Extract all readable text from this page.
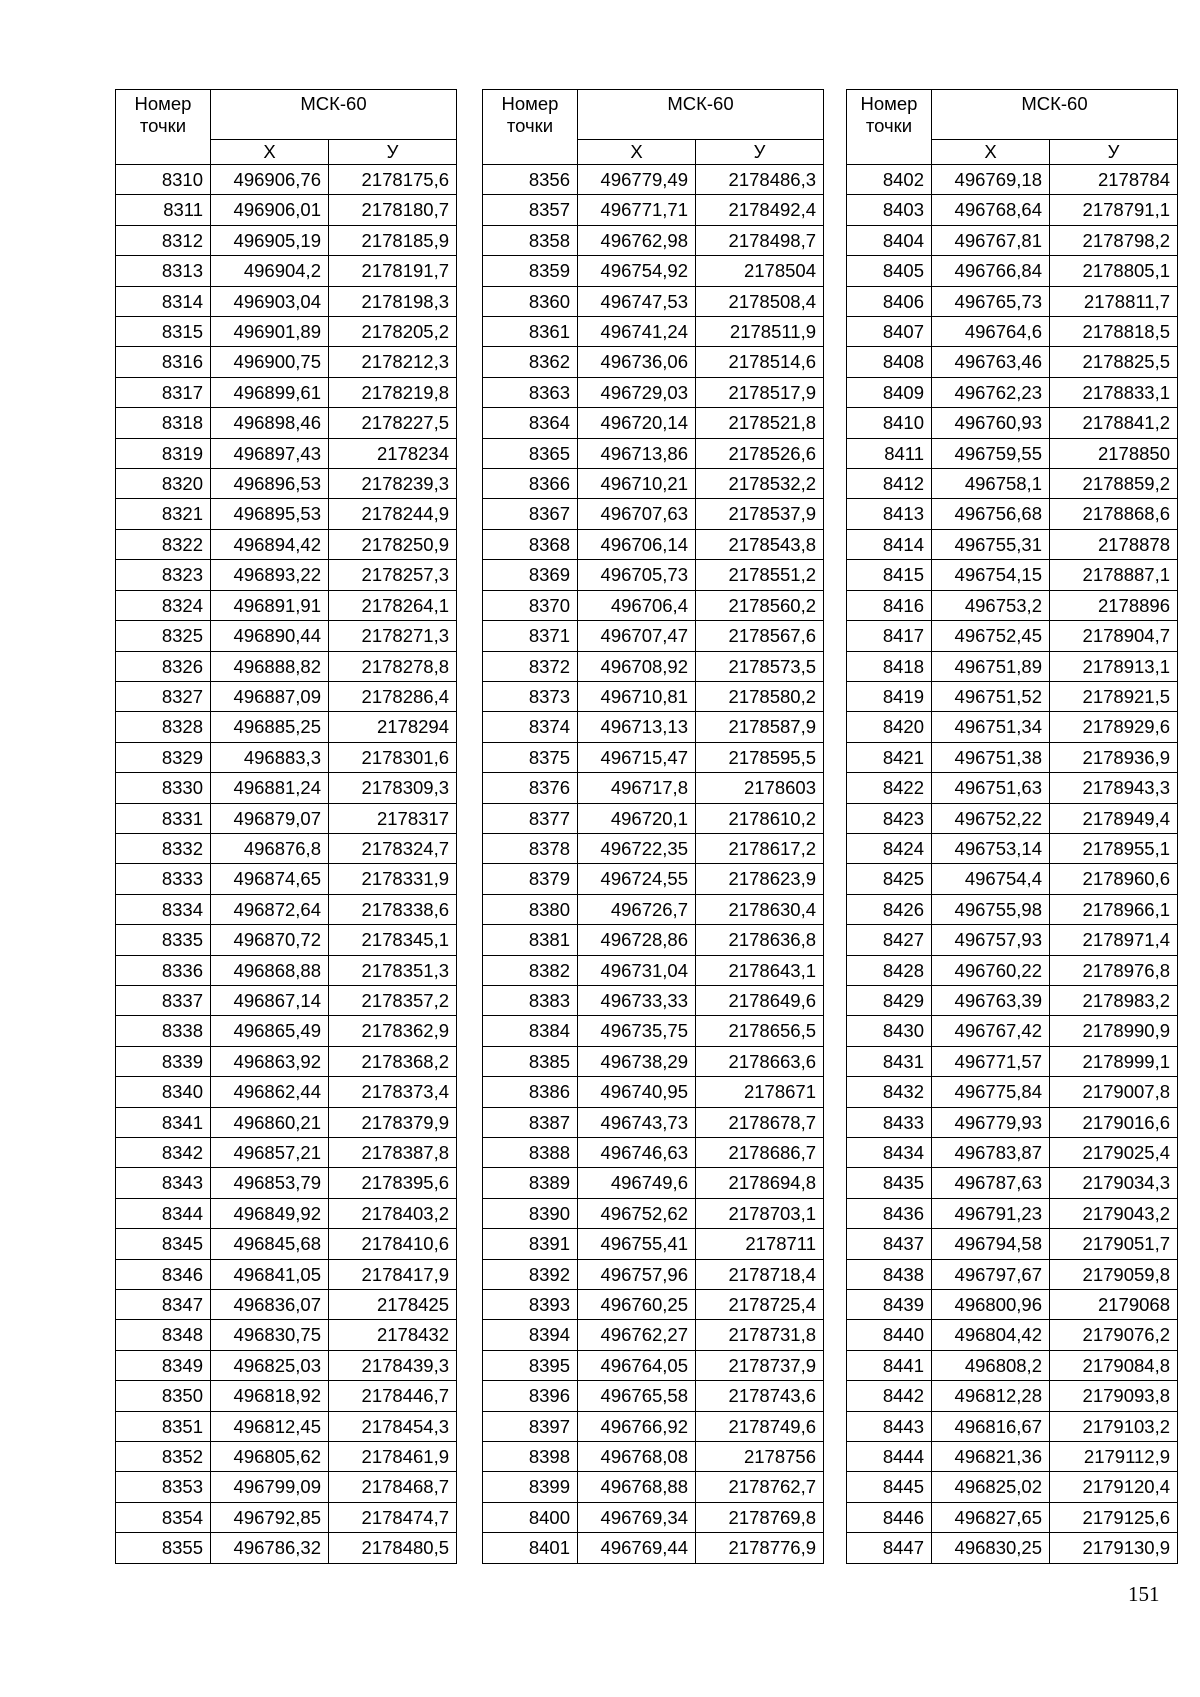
Номер
точки	МСК-60	
	Х	У
8310	496906,76	2178175,6
8311	496906,01	2178180,7
8312	496905,19	2178185,9
8313	496904,2	2178191,7
8314	496903,04	2178198,3
8315	496901,89	2178205,2
8316	496900,75	2178212,3
8317	496899,61	2178219,8
8318	496898,46	2178227,5
8319	496897,43	2178234
8320	496896,53	2178239,3
8321	496895,53	2178244,9
8322	496894,42	2178250,9
8323	496893,22	2178257,3
8324	496891,91	2178264,1
8325	496890,44	2178271,3
8326	496888,82	2178278,8
8327	496887,09	2178286,4
8328	496885,25	2178294
8329	496883,3	2178301,6
8330	496881,24	2178309,3
8331	496879,07	2178317
8332	496876,8	2178324,7
8333	496874,65	2178331,9
8334	496872,64	2178338,6
8335	496870,72	2178345,1
8336	496868,88	2178351,3
8337	496867,14	2178357,2
8338	496865,49	2178362,9
8339	496863,92	2178368,2
8340	496862,44	2178373,4
8341	496860,21	2178379,9
8342	496857,21	2178387,8
8343	496853,79	2178395,6
8344	496849,92	2178403,2
8345	496845,68	2178410,6
8346	496841,05	2178417,9
8347	496836,07	2178425
8348	496830,75	2178432
8349	496825,03	2178439,3
8350	496818,92	2178446,7
8351	496812,45	2178454,3
8352	496805,62	2178461,9
8353	496799,09	2178468,7
8354	496792,85	2178474,7
8355	496786,32	2178480,5
Номер
точки	МСК-60	
	Х	У
8356	496779,49	2178486,3
8357	496771,71	2178492,4
8358	496762,98	2178498,7
8359	496754,92	2178504
8360	496747,53	2178508,4
8361	496741,24	2178511,9
8362	496736,06	2178514,6
8363	496729,03	2178517,9
8364	496720,14	2178521,8
8365	496713,86	2178526,6
8366	496710,21	2178532,2
8367	496707,63	2178537,9
8368	496706,14	2178543,8
8369	496705,73	2178551,2
8370	496706,4	2178560,2
8371	496707,47	2178567,6
8372	496708,92	2178573,5
8373	496710,81	2178580,2
8374	496713,13	2178587,9
8375	496715,47	2178595,5
8376	496717,8	2178603
8377	496720,1	2178610,2
8378	496722,35	2178617,2
8379	496724,55	2178623,9
8380	496726,7	2178630,4
8381	496728,86	2178636,8
8382	496731,04	2178643,1
8383	496733,33	2178649,6
8384	496735,75	2178656,5
8385	496738,29	2178663,6
8386	496740,95	2178671
8387	496743,73	2178678,7
8388	496746,63	2178686,7
8389	496749,6	2178694,8
8390	496752,62	2178703,1
8391	496755,41	2178711
8392	496757,96	2178718,4
8393	496760,25	2178725,4
8394	496762,27	2178731,8
8395	496764,05	2178737,9
8396	496765,58	2178743,6
8397	496766,92	2178749,6
8398	496768,08	2178756
8399	496768,88	2178762,7
8400	496769,34	2178769,8
8401	496769,44	2178776,9
Номер
точки	МСК-60	
	Х	У
8402	496769,18	2178784
8403	496768,64	2178791,1
8404	496767,81	2178798,2
8405	496766,84	2178805,1
8406	496765,73	2178811,7
8407	496764,6	2178818,5
8408	496763,46	2178825,5
8409	496762,23	2178833,1
8410	496760,93	2178841,2
8411	496759,55	2178850
8412	496758,1	2178859,2
8413	496756,68	2178868,6
8414	496755,31	2178878
8415	496754,15	2178887,1
8416	496753,2	2178896
8417	496752,45	2178904,7
8418	496751,89	2178913,1
8419	496751,52	2178921,5
8420	496751,34	2178929,6
8421	496751,38	2178936,9
8422	496751,63	2178943,3
8423	496752,22	2178949,4
8424	496753,14	2178955,1
8425	496754,4	2178960,6
8426	496755,98	2178966,1
8427	496757,93	2178971,4
8428	496760,22	2178976,8
8429	496763,39	2178983,2
8430	496767,42	2178990,9
8431	496771,57	2178999,1
8432	496775,84	2179007,8
8433	496779,93	2179016,6
8434	496783,87	2179025,4
8435	496787,63	2179034,3
8436	496791,23	2179043,2
8437	496794,58	2179051,7
8438	496797,67	2179059,8
8439	496800,96	2179068
8440	496804,42	2179076,2
8441	496808,2	2179084,8
8442	496812,28	2179093,8
8443	496816,67	2179103,2
8444	496821,36	2179112,9
8445	496825,02	2179120,4
8446	496827,65	2179125,6
8447	496830,25	2179130,9
151
